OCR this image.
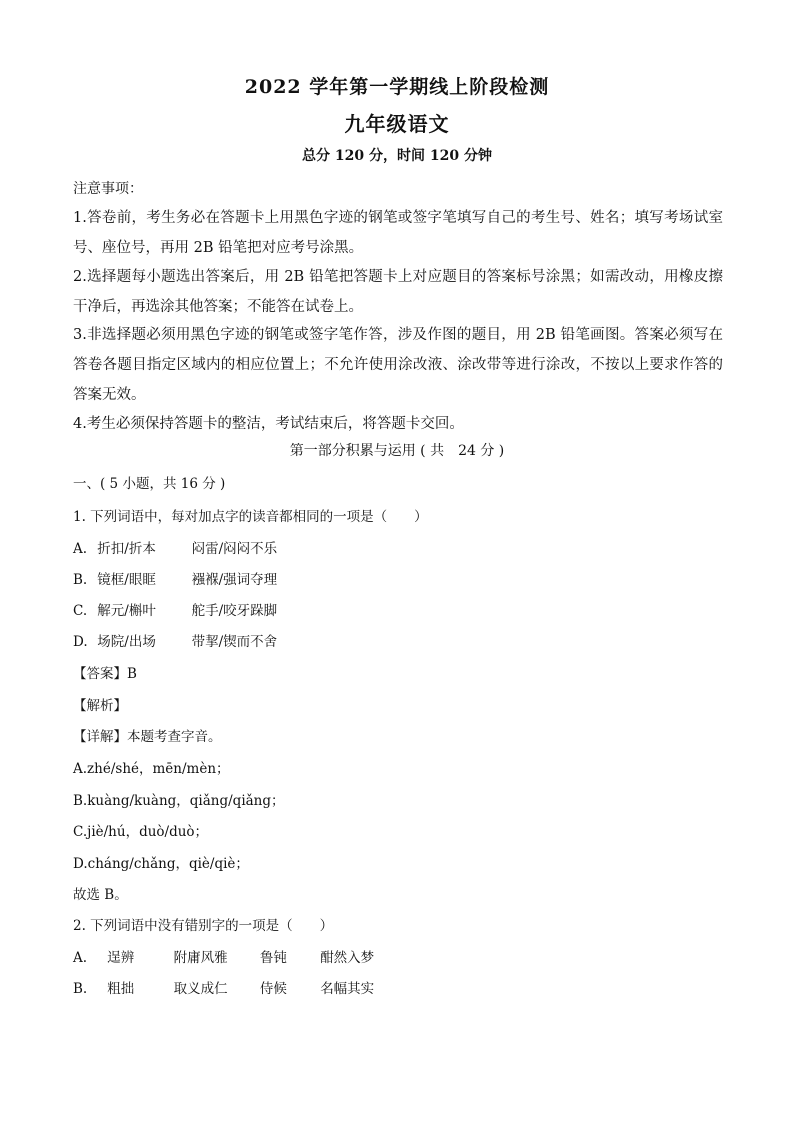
2022 学年第一学期线上阶段检测
九年级语文
总分 120 分，时间 120 分钟
注意事项：
1.答卷前，考生务必在答题卡上用黑色字迹的钢笔或签字笔填写自己的考生号、姓名；填写考场试室号、座位号，再用 2B 铅笔把对应考号涂黑。
2.选择题每小题选出答案后，用 2B 铅笔把答题卡上对应题目的答案标号涂黑；如需改动，用橡皮擦干净后，再选涂其他答案；不能答在试卷上。
3.非选择题必须用黑色字迹的钢笔或签字笔作答，涉及作图的题目，用 2B 铅笔画图。答案必须写在答卷各题目指定区域内的相应位置上；不允许使用涂改液、涂改带等进行涂改，不按以上要求作答的答案无效。
4.考生必须保持答题卡的整洁，考试结束后，将答题卡交回。
第一部分积累与运用 ( 共　24 分 )
一、( 5 小题，共 16 分 )
1. 下列词语中，每对加点字的读音都相同的一项是（　　）
A. 折扣/折本	闷雷/闷闷不乐
B. 镜框/眼眶	襁褓/强词夺理
C. 解元/槲叶	舵手/咬牙跺脚
D. 场院/出场	带挈/锲而不舍
【答案】B
【解析】
【详解】本题考查字音。
A.zhé/shé，mēn/mèn；
B.kuàng/kuàng，qiǎng/qiǎng；
C.jiè/hú，duò/duò；
D.cháng/chǎng，qiè/qiè；
故选 B。
2. 下列词语中没有错别字的一项是（　　）
A. 逞辨	附庸风雅 鲁钝 酣然入梦
B. 粗拙	取义成仁 侍候 名幅其实
